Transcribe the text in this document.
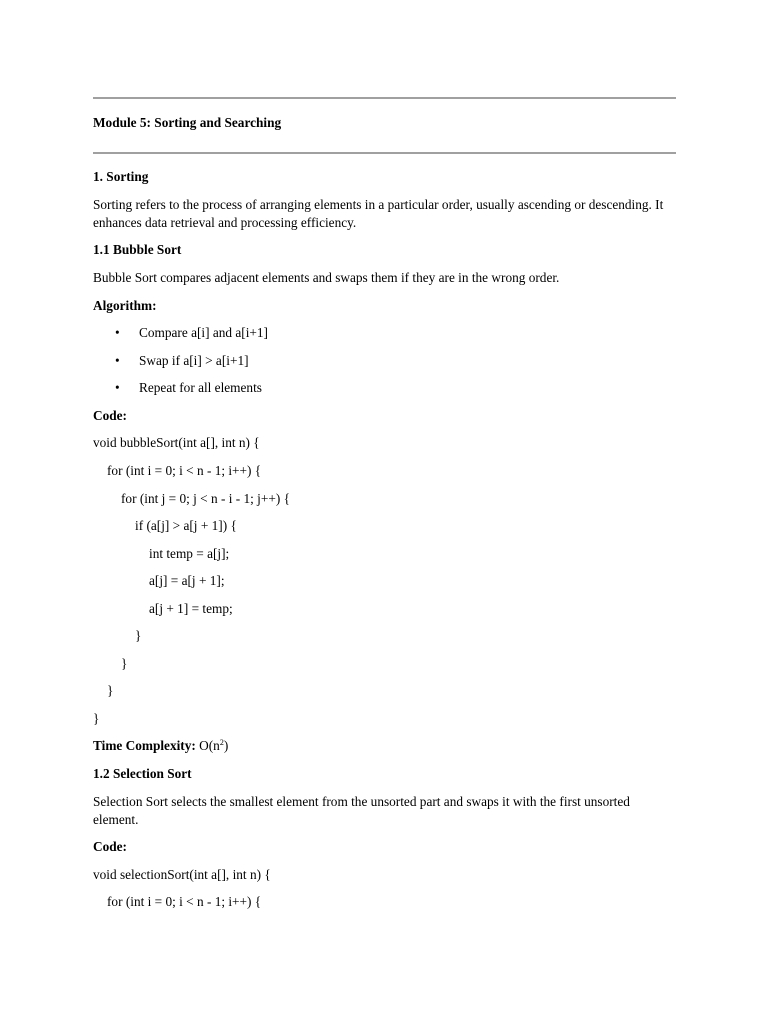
Module 5: Sorting and Searching
1. Sorting
Sorting refers to the process of arranging elements in a particular order, usually ascending or descending. It enhances data retrieval and processing efficiency.
1.1 Bubble Sort
Bubble Sort compares adjacent elements and swaps them if they are in the wrong order.
Algorithm:
• Compare a[i] and a[i+1]
• Swap if a[i] > a[i+1]
• Repeat for all elements
Code:
void bubbleSort(int a[], int n) {
for (int i = 0; i < n - 1; i++) {
for (int j = 0; j < n - i - 1; j++) {
if (a[j] > a[j + 1]) {
int temp = a[j];
a[j] = a[j + 1];
a[j + 1] = temp;
}
}
}
}
Time Complexity: $O(n^2)$
1.2 Selection Sort
Selection Sort selects the smallest element from the unsorted part and swaps it with the first unsorted element.
Code:
void selectionSort(int a[], int n) {
for (int i = 0; i < n - 1; i++) {
